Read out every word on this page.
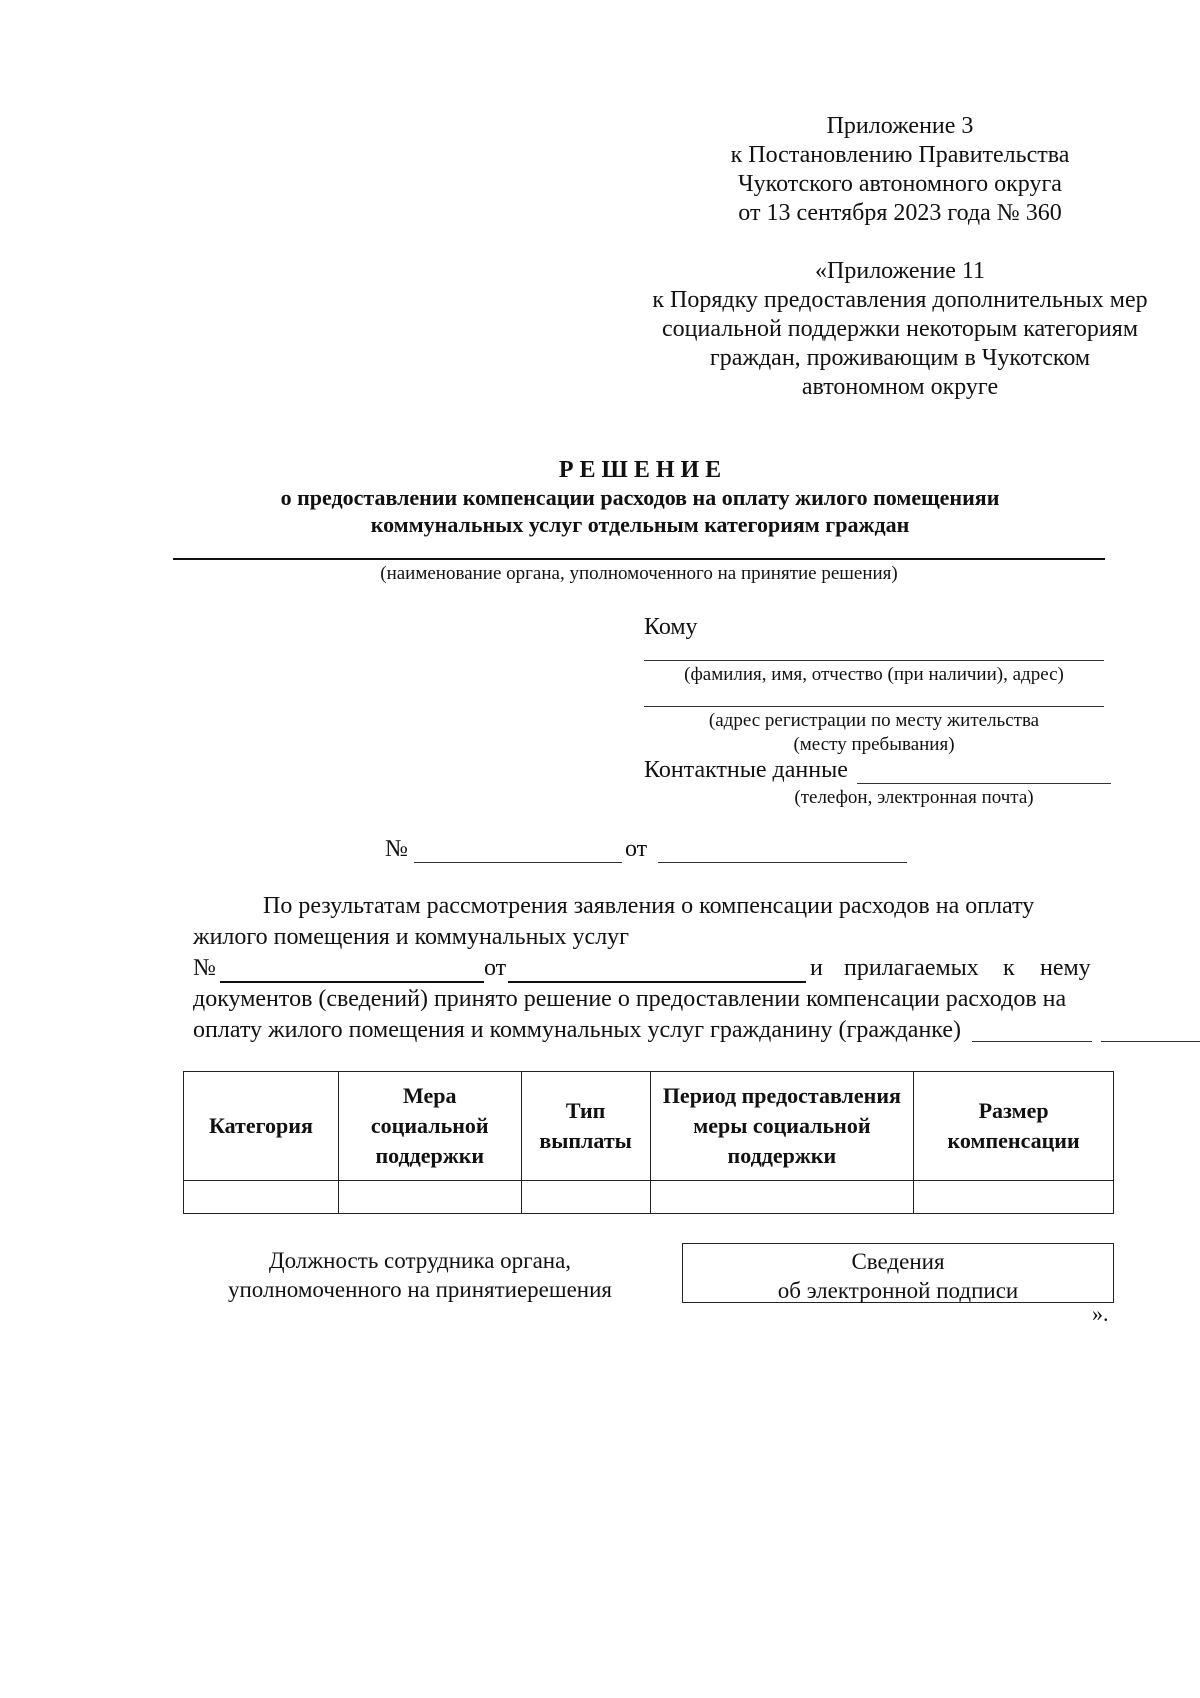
Приложение 3
к Постановлению Правительства
Чукотского автономного округа
от 13 сентября 2023 года № 360
«Приложение 11
к Порядку предоставления дополнительных мер
социальной поддержки некоторым категориям
граждан, проживающим в Чукотском
автономном округе
Р Е Ш Е Н И Е
о предоставлении компенсации расходов на оплату жилого помещенияи
коммунальных услуг отдельным категориям граждан
(наименование органа, уполномоченного на принятие решения)
Кому
(фамилия, имя, отчество (при наличии), адрес)
(адрес регистрации по месту жительства
(месту пребывания)
Контактные данные
(телефон, электронная почта)
№	от
По результатам рассмотрения заявления о компенсации расходов на оплату
жилого помещения и коммунальных услуг
№	от	и прилагаемых к нему
документов (сведений) принято решение о предоставлении компенсации расходов на
оплату жилого помещения и коммунальных услуг гражданину (гражданке)
Категория	Мера социальной поддержки	Тип выплаты	Период предоставления меры социальной поддержки	Размер компенсации

Должность сотрудника органа,
уполномоченного на принятиерешения
Сведения
об электронной подписи
».
